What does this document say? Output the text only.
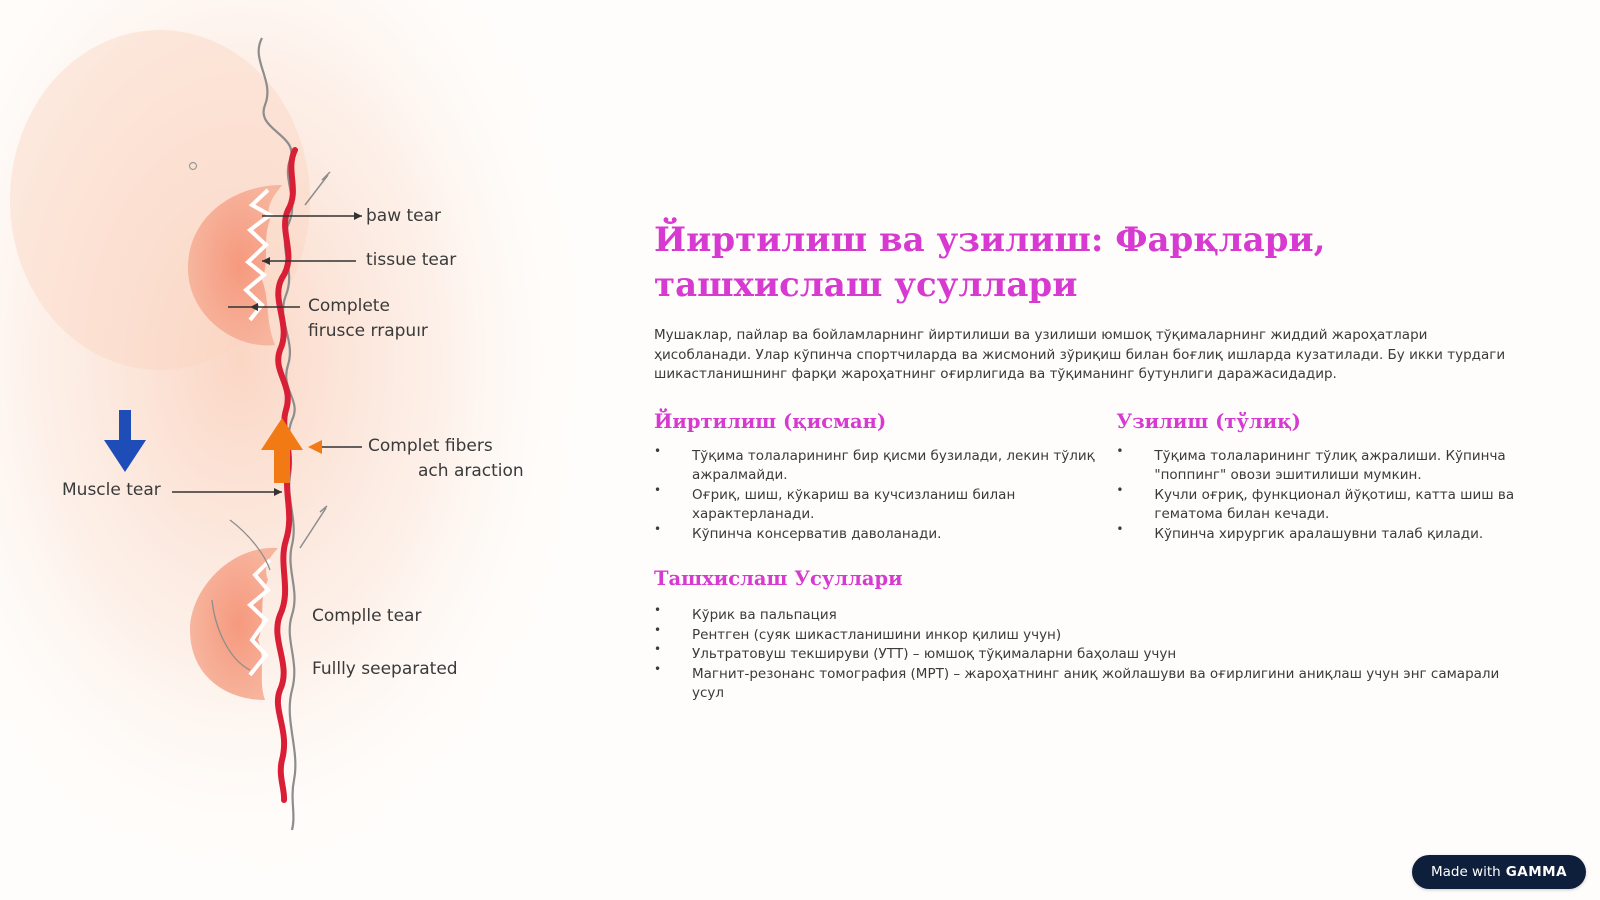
þaw tear
tissue tear
Complete
firusce rrapuır
Complet fibers
ach araction
Muscle tear
Complle tear
Fullly seeparated
Йиртилиш ва узилиш: Фарқлари, ташхислаш усуллари

Мушаклар, пайлар ва бойламларнинг йиртилиши ва узилиши юмшоқ тўқималарнинг жиддий жароҳатлари ҳисобланади. Улар кўпинча спортчиларда ва жисмоний зўриқиш билан боғлиқ ишларда кузатилади. Бу икки турдаги шикастланишнинг фарқи жароҳатнинг оғирлигида ва тўқиманинг бутунлиги даражасидадир.

Йиртилиш (қисман)
• Тўқима толаларининг бир қисми бузилади, лекин тўлиқ ажралмайди.
• Оғриқ, шиш, кўкариш ва кучсизланиш билан характерланади.
• Кўпинча консерватив даволанади.
Узилиш (тўлиқ)
• Тўқима толаларининг тўлиқ ажралиши. Кўпинча "поппинг" овози эшитилиши мумкин.
• Кучли оғриқ, функционал йўқотиш, катта шиш ва гематома билан кечади.
• Кўпинча хирургик аралашувни талаб қилади.
Ташхислаш Усуллари
• Кўрик ва пальпация
• Рентген (суяк шикастланишини инкор қилиш учун)
• Ультратовуш текшируви (УТТ) – юмшоқ тўқималарни баҳолаш учун
• Магнит-резонанс томография (МРТ) – жароҳатнинг аниқ жойлашуви ва оғирлигини аниқлаш учун энг самарали усул
Made with GAMMA
